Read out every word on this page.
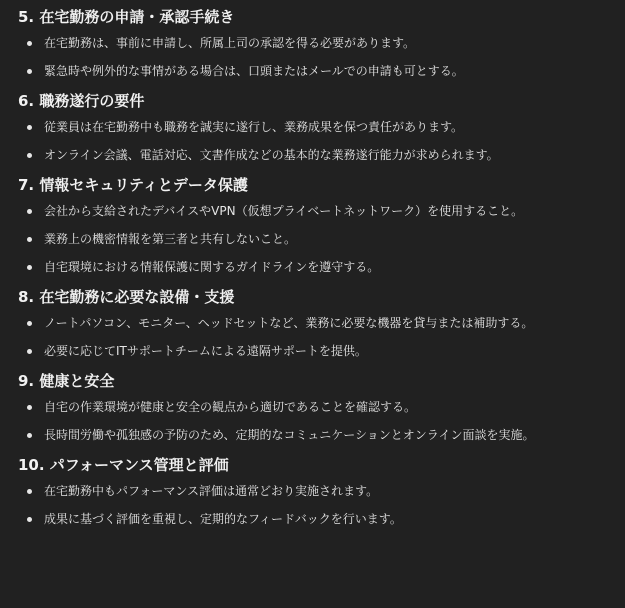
5. 在宅勤務の申請・承認手続き
在宅勤務は、事前に申請し、所属上司の承認を得る必要があります。
緊急時や例外的な事情がある場合は、口頭またはメールでの申請も可とする。
6. 職務遂行の要件
従業員は在宅勤務中も職務を誠実に遂行し、業務成果を保つ責任があります。
オンライン会議、電話対応、文書作成などの基本的な業務遂行能力が求められます。
7. 情報セキュリティとデータ保護
会社から支給されたデバイスやVPN（仮想プライベートネットワーク）を使用すること。
業務上の機密情報を第三者と共有しないこと。
自宅環境における情報保護に関するガイドラインを遵守する。
8. 在宅勤務に必要な設備・支援
ノートパソコン、モニター、ヘッドセットなど、業務に必要な機器を貸与または補助する。
必要に応じてITサポートチームによる遠隔サポートを提供。
9. 健康と安全
自宅の作業環境が健康と安全の観点から適切であることを確認する。
長時間労働や孤独感の予防のため、定期的なコミュニケーションとオンライン面談を実施。
10. パフォーマンス管理と評価
在宅勤務中もパフォーマンス評価は通常どおり実施されます。
成果に基づく評価を重視し、定期的なフィードバックを行います。
